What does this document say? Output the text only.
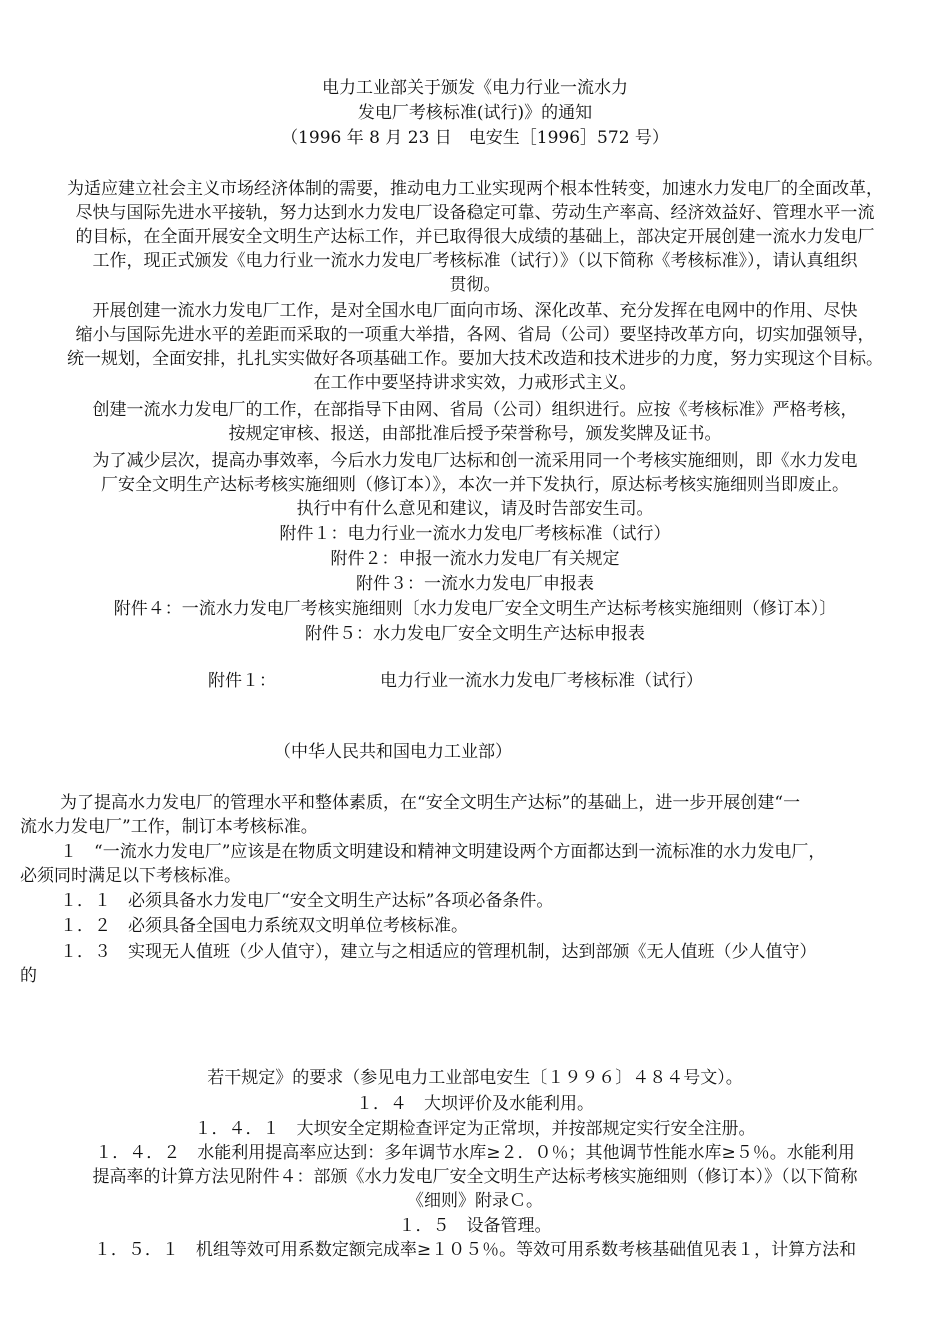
电力工业部关于颁发《电力行业一流水力
发电厂考核标准(试行)》的通知
（1996 年 8 月 23 日　电安生［1996］572 号）
为适应建立社会主义市场经济体制的需要，推动电力工业实现两个根本性转变，加速水力发电厂的全面改革，
尽快与国际先进水平接轨，努力达到水力发电厂设备稳定可靠、劳动生产率高、经济效益好、管理水平一流
的目标，在全面开展安全文明生产达标工作，并已取得很大成绩的基础上，部决定开展创建一流水力发电厂
工作，现正式颁发《电力行业一流水力发电厂考核标准（试行）》（以下简称《考核标准》），请认真组织
贯彻。
开展创建一流水力发电厂工作，是对全国水电厂面向市场、深化改革、充分发挥在电网中的作用、尽快
缩小与国际先进水平的差距而采取的一项重大举措，各网、省局（公司）要坚持改革方向，切实加强领导，
统一规划，全面安排，扎扎实实做好各项基础工作。要加大技术改造和技术进步的力度，努力实现这个目标。
在工作中要坚持讲求实效，力戒形式主义。
创建一流水力发电厂的工作，在部指导下由网、省局（公司）组织进行。应按《考核标准》严格考核，
按规定审核、报送，由部批准后授予荣誉称号，颁发奖牌及证书。
为了减少层次，提高办事效率，今后水力发电厂达标和创一流采用同一个考核实施细则，即《水力发电
厂安全文明生产达标考核实施细则（修订本）》，本次一并下发执行，原达标考核实施细则当即废止。
执行中有什么意见和建议，请及时告部安生司。
附件１：电力行业一流水力发电厂考核标准（试行）
附件２：申报一流水力发电厂有关规定
附件３：一流水力发电厂申报表
附件４：一流水力发电厂考核实施细则〔水力发电厂安全文明生产达标考核实施细则（修订本）〕
附件５：水力发电厂安全文明生产达标申报表
附件１：	电力行业一流水力发电厂考核标准（试行）
（中华人民共和国电力工业部）
为了提高水力发电厂的管理水平和整体素质，在“安全文明生产达标”的基础上，进一步开展创建“一
流水力发电厂”工作，制订本考核标准。
１　“一流水力发电厂”应该是在物质文明建设和精神文明建设两个方面都达到一流标准的水力发电厂，
必须同时满足以下考核标准。
１．１　必须具备水力发电厂“安全文明生产达标”各项必备条件。
１．２　必须具备全国电力系统双文明单位考核标准。
１．３　实现无人值班（少人值守），建立与之相适应的管理机制，达到部颁《无人值班（少人值守）
的
若干规定》的要求（参见电力工业部电安生〔１９９６〕４８４号文）。
１．４　大坝评价及水能利用。
１．４．１　大坝安全定期检查评定为正常坝，并按部规定实行安全注册。
１．４．２　水能利用提高率应达到：多年调节水库≥２．０％；其他调节性能水库≥５％。水能利用
提高率的计算方法见附件４：部颁《水力发电厂安全文明生产达标考核实施细则（修订本）》（以下简称
《细则》附录Ｃ。
１．５　设备管理。
１．５．１　机组等效可用系数定额完成率≥１０５％。等效可用系数考核基础值见表１，计算方法和
